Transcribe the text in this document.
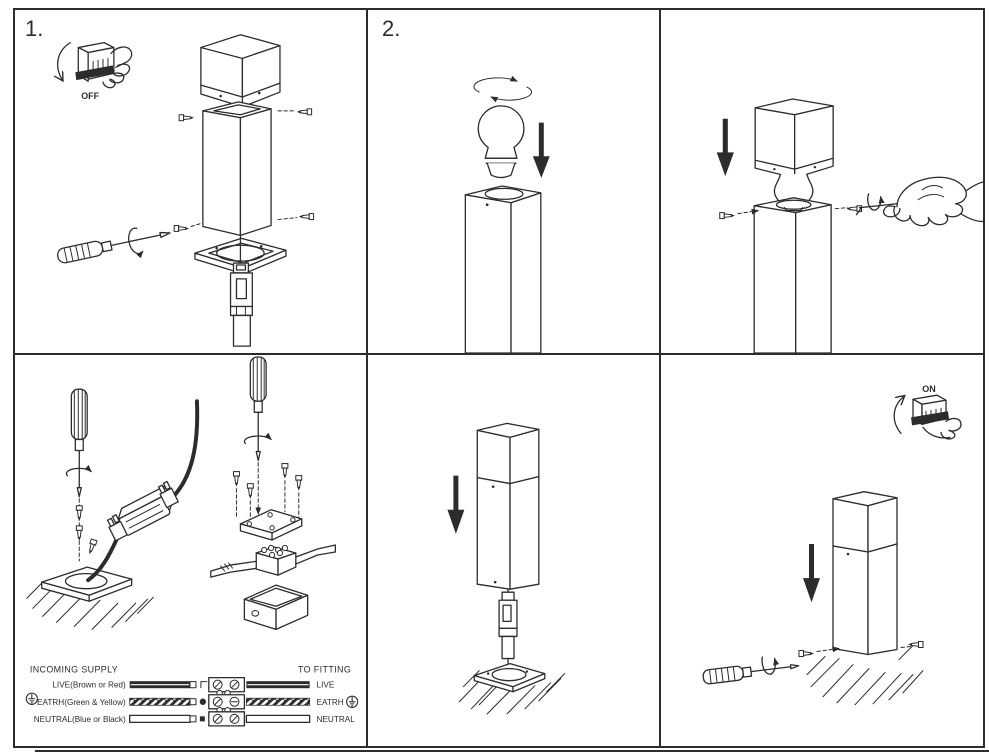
1.
OFF
2.
INCOMING SUPPLY	TO FITTING
LIVE(Brown or Red)	LIVE
EATRH(Green & Yellow)	EATRH
NEUTRAL(Blue or Black)	NEUTRAL
ON
